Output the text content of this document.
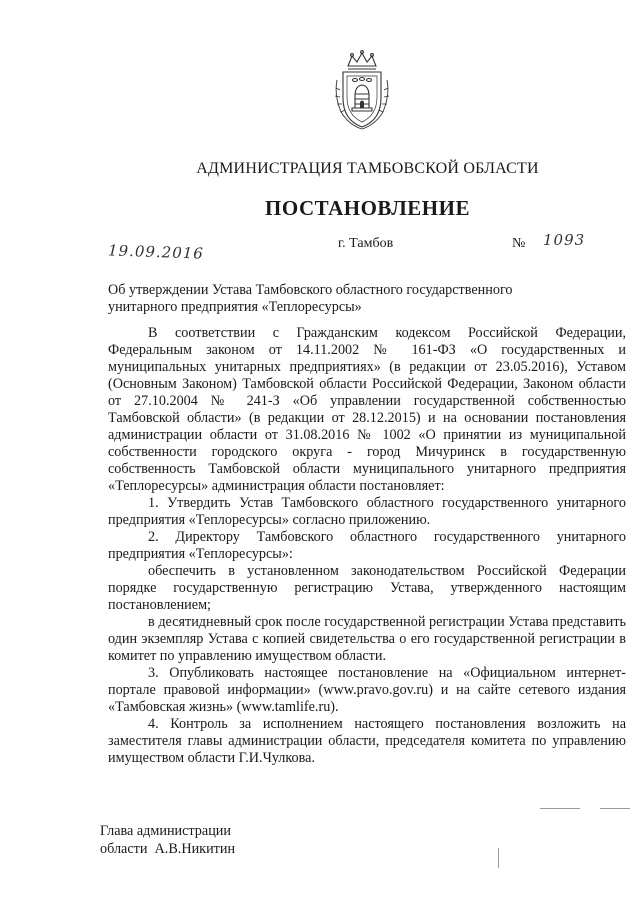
АДМИНИСТРАЦИЯ ТАМБОВСКОЙ ОБЛАСТИ
ПОСТАНОВЛЕНИЕ
19.09.2016	г. Тамбов	№ 1093
Об утверждении Устава Тамбовского областного государственного унитарного предприятия «Теплоресурсы»

В соответствии с Гражданским кодексом Российской Федерации, Федеральным законом от 14.11.2002 № 161-ФЗ «О государственных и муниципальных унитарных предприятиях» (в редакции от 23.05.2016), Уставом (Основным Законом) Тамбовской области Российской Федерации, Законом области от 27.10.2004 № 241-З «Об управлении государственной собственностью Тамбовской области» (в редакции от 28.12.2015) и на основании постановления администрации области от 31.08.2016 № 1002 «О принятии из муниципальной собственности городского округа - город Мичуринск в государственную собственность Тамбовской области муниципального унитарного предприятия «Теплоресурсы» администрация области постановляет:

1. Утвердить Устав Тамбовского областного государственного унитарного предприятия «Теплоресурсы» согласно приложению.

2. Директору Тамбовского областного государственного унитарного предприятия «Теплоресурсы»:

обеспечить в установленном законодательством Российской Федерации порядке государственную регистрацию Устава, утвержденного настоящим постановлением;

в десятидневный срок после государственной регистрации Устава представить один экземпляр Устава с копией свидетельства о его государственной регистрации в комитет по управлению имуществом области.

3. Опубликовать настоящее постановление на «Официальном интернет-портале правовой информации» (www.pravo.gov.ru) и на сайте сетевого издания «Тамбовская жизнь» (www.tamlife.ru).

4. Контроль за исполнением настоящего постановления возложить на заместителя главы администрации области, председателя комитета по управлению имуществом области Г.И.Чулкова.

Глава администрации
области А.В.Никитин
